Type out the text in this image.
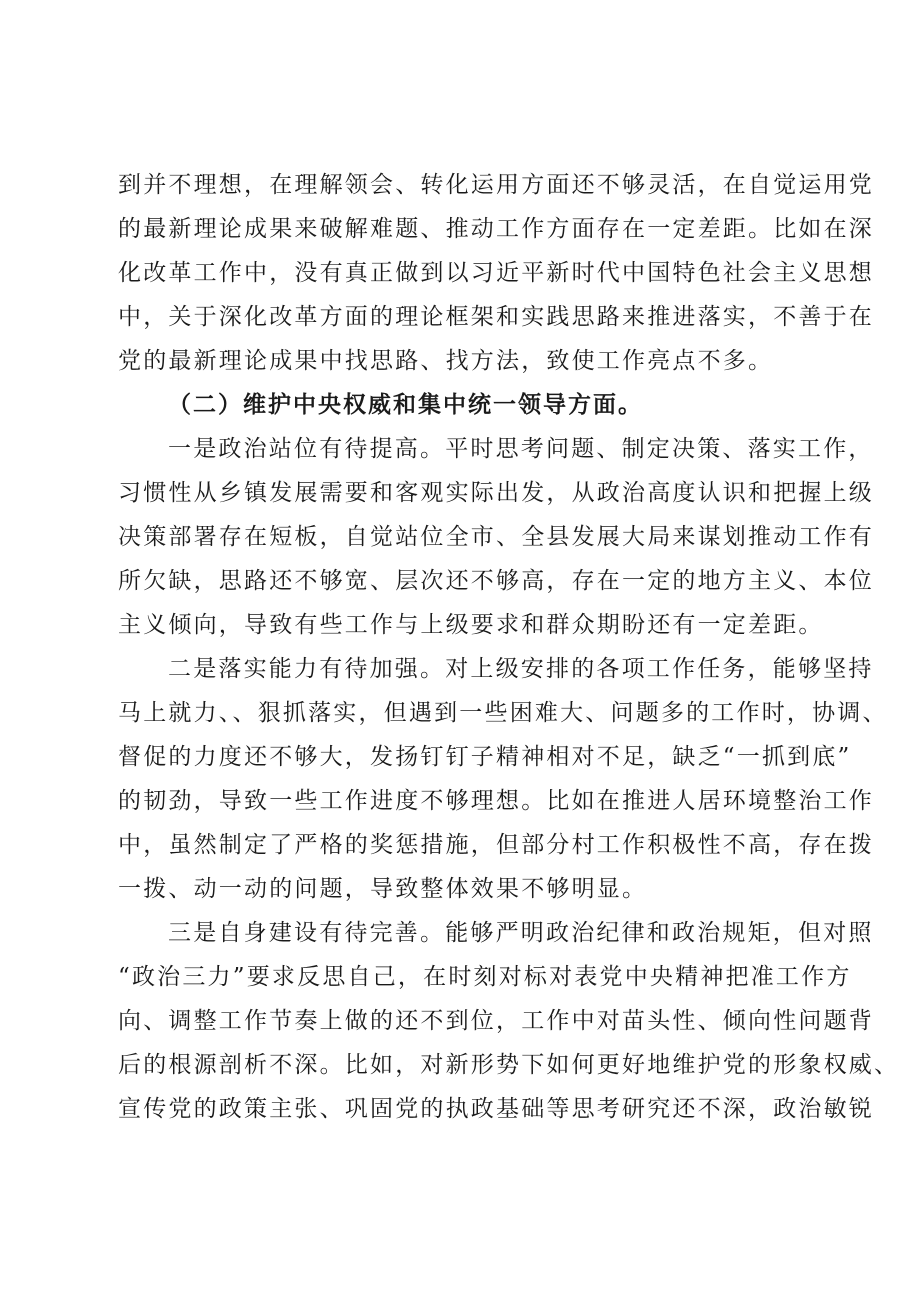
到并不理想，在理解领会、转化运用方面还不够灵活，在自觉运用党
的最新理论成果来破解难题、推动工作方面存在一定差距。比如在深
化改革工作中，没有真正做到以习近平新时代中国特色社会主义思想
中，关于深化改革方面的理论框架和实践思路来推进落实，不善于在
党的最新理论成果中找思路、找方法，致使工作亮点不多。
（二）维护中央权威和集中统一领导方面。
一是政治站位有待提高。平时思考问题、制定决策、落实工作，
习惯性从乡镇发展需要和客观实际出发，从政治高度认识和把握上级
决策部署存在短板，自觉站位全市、全县发展大局来谋划推动工作有
所欠缺，思路还不够宽、层次还不够高，存在一定的地方主义、本位
主义倾向，导致有些工作与上级要求和群众期盼还有一定差距。
二是落实能力有待加强。对上级安排的各项工作任务，能够坚持
马上就力、、狠抓落实，但遇到一些困难大、问题多的工作时，协调、
督促的力度还不够大，发扬钉钉子精神相对不足，缺乏“一抓到底”
的韧劲，导致一些工作进度不够理想。比如在推进人居环境整治工作
中，虽然制定了严格的奖惩措施，但部分村工作积极性不高，存在拨
一拨、动一动的问题，导致整体效果不够明显。
三是自身建设有待完善。能够严明政治纪律和政治规矩，但对照
“政治三力”要求反思自己，在时刻对标对表党中央精神把准工作方
向、调整工作节奏上做的还不到位，工作中对苗头性、倾向性问题背
后的根源剖析不深。比如，对新形势下如何更好地维护党的形象权威、
宣传党的政策主张、巩固党的执政基础等思考研究还不深，政治敏锐
